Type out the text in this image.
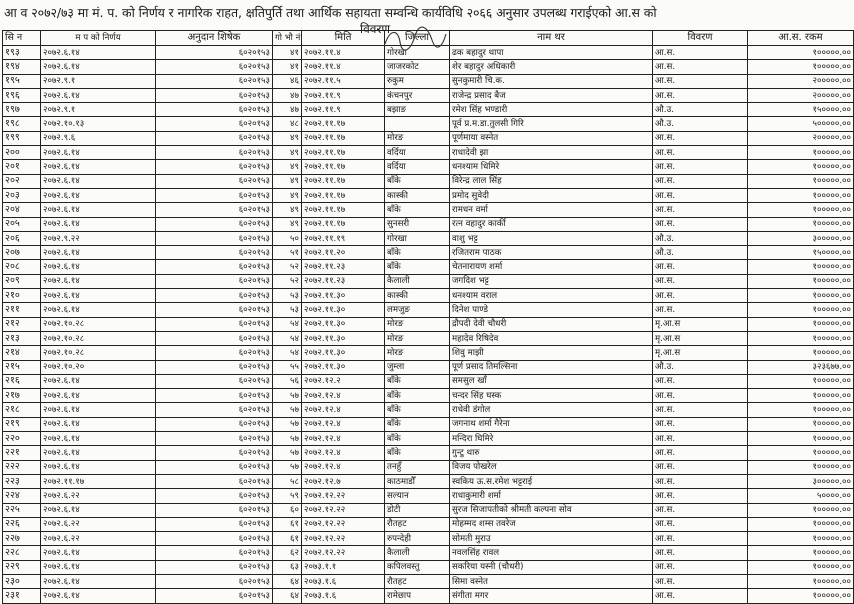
आ व २०७२/७३ मा मं. प. को निर्णय र नागरिक राहत, क्षतिपुर्ति तथा आर्थिक सहायता सम्वन्धि कार्यविधि २०६६ अनुसार उपलब्ध गराईएको आ.स को
विवरण
सि न	म प को निर्णय	अनुदान शिषेक	गो भौ नं	मिति	जिल्ला	नाम थर	विवरण	आ.स. रकम
१९३	२०७२.६.१४	६०२०१५३	४१	२०७२.११.४	गोरखा	ढक बहादुर थापा	आ.स.	१०००००.००
१९४	२०७२.६.१४	६०२०१५३	४१	२०७२.११.४	जाजरकोट	शेर बहादुर अधिकारी	आ.स.	१०००००.००
१९५	२०७२.९.१	६०२०१५३	४६	२०७२.११.५	रुकुम	सुनकुमारी चि.क.	आ.स.	२०००००.००
१९६	२०७२.६.१४	६०२०१५३	४७	२०७२.११.९	कंचनपुर	राजेन्द्र प्रसाद बैज	आ.स.	२०००००.००
१९७	२०७२.९.१	६०२०१५३	४७	२०७२.११.९	बझाङ	रमेश सिंह भण्डारी	औ.उ.	१५००००.००
१९८	२०७२.१०.१३	६०२०१५३	४८	२०७२.११.१७		पूर्व प्र.म.डा.तुलसी गिरि	औ.उ.	५०००००.००
१९९	२०७२.९.६	६०२०१५३	४९	२०७२.११.१७	मोरङ	पूर्णमाया वस्नेत	आ.स.	२०००००.००
२००	२०७२.६.१४	६०२०१५३	४९	२०७२.११.१७	वर्दिया	राधादेवी झा	आ.स.	१०००००.००
२०१	२०७२.६.१४	६०२०१५३	४९	२०७२.११.१७	वर्दिया	धनश्याम धिमिरे	आ.स.	१०००००.००
२०२	२०७२.६.१४	६०२०१५३	४९	२०७२.११.१७	बाँके	विरेन्द्र लाल सिंह	आ.स.	१०००००.००
२०३	२०७२.६.१४	६०२०१५३	४९	२०७२.११.१७	कास्की	प्रमोद सुवेदी	आ.स.	१०००००.००
२०४	२०७२.६.१४	६०२०१५३	४९	२०७२.११.१७	बाँके	रामधन वर्मा	आ.स.	१०००००.००
२०५	२०७२.६.१४	६०२०१५३	४९	२०७२.११.१७	सुनसरी	रत्न वहादुर कार्की	आ.स.	१०००००.००
२०६	२०७२.९.२२	६०२०१५३	५०	२०७२.११.१९	गोरखा	वाशु भट्ट	औ.उ.	३०००००.००
२०७	२०७२.६.१४	६०२०१५३	५१	२०७२.११.२०	बाँके	रजितराम पाठक	औ.उ.	१५००००.००
२०८	२०७२.६.१४	६०२०१५३	५२	२०७२.११.२३	बाँके	चेतनारायण शर्मा	आ.स.	१०००००.००
२०९	२०७२.६.१४	६०२०१५३	५२	२०७२.११.२३	कैलाली	जगदिश भट्ट	आ.स.	१०००००.००
२१०	२०७२.६.१४	६०२०१५३	५३	२०७२.११.३०	कास्की	धनश्याम वराल	आ.स.	१०००००.००
२११	२०७२.६.१४	६०२०१५३	५३	२०७२.११.३०	लमजुङ	दिनेश पाण्डे	आ.स.	१०००००.००
२१२	२०७२.१०.२८	६०२०१५३	५४	२०७२.११.३०	मोरङ	द्रौपदी देवी चौधरी	मृ.आ.स	१०००००.००
२१३	२०७२.१०.२८	६०२०१५३	५४	२०७२.११.३०	मोरङ	महादेव रिषिदेव	मृ.आ.स	१०००००.००
२१४	२०७२.१०.२८	६०२०१५३	५४	२०७२.११.३०	मोरङ	शिवु माझी	मृ.आ.स	१०००००.००
२१५	२०७२.१०.२०	६०२०१५३	५५	२०७२.११.३०	जुम्ला	पूर्ण प्रसाद तिमल्सिना	औ.उ.	३२३६७७.००
२१६	२०७२.६.१४	६०२०१५३	५६	२०७२.१२.२	बाँके	समसुल खाँ	आ.स.	१०००००.००
२१७	२०७२.६.१४	६०२०१५३	५७	२०७२.१२.४	बाँके	चन्दर सिंह घस्क	आ.स.	१०००००.००
२१८	२०७२.६.१४	६०२०१५३	५७	२०७२.१२.४	बाँके	राधेवी डंगोल	आ.स.	१०००००.००
२१९	२०७२.६.१४	६०२०१५३	५७	२०७२.१२.४	बाँके	जगनाथ शर्मा गैरेना	आ.स.	१०००००.००
२२०	२०७२.६.१४	६०२०१५३	५७	२०७२.१२.४	बाँके	मन्दिरा घिमिरे	आ.स.	१०००००.००
२२१	२०७२.६.१४	६०२०१५३	५७	२०७२.१२.४	बाँके	गुन्टु थारु	आ.स.	१०००००.००
२२२	२०७२.६.१४	६०२०१५३	५७	२०७२.१२.४	तनहुँ	विजय पोखरेल	आ.स.	१०००००.००
२२३	२०७२.११.१७	६०२०१५३	५८	२०७२.१२.७	काठमाडौँ	स्वकिय ऊ.स.रमेश भट्टराई	आ.स.	३०००००.००
२२४	२०७२.६.२२	६०२०१५३	५९	२०७२.१२.२२	सल्यान	राधाकुमारी शर्मा	आ.स.	५००००.००
२२५	२०७२.६.१४	६०२०१५३	६०	२०७२.१२.२२	डोटी	सुरज सिजापतीको श्रीमती कल्पना सोव	आ.स.	१०००००.००
२२६	२०७२.६.२२	६०२०१५३	६१	२०७२.१२.२२	रौतहट	मोहम्मद शम्स तवरेज	आ.स.	१०००००.००
२२७	२०७२.६.२२	६०२०१५३	६१	२०७२.१२.२२	रुपन्देही	सोमती मुराउ	आ.स.	१०००००.००
२२८	२०७२.६.१४	६०२०१५३	६२	२०७२.१२.२२	कैलाली	नवलसिंह रावल	आ.स.	१०००००.००
२२९	२०७२.६.१४	६०२०१५३	६३	२०७३.१.१	कपिलवस्तु	सकरिया यस्नी (चौधरी)	आ.स.	१०००००.००
२३०	२०७२.६.१४	६०२०१५३	६४	२०७३.१.६	रौतहट	सिमा वस्नेत	आ.स.	१०००००.००
२३१	२०७२.६.१४	६०२०१५३	६४	२०७३.१.६	रामेछाप	संगीता मगर	आ.स.	१०००००.००
